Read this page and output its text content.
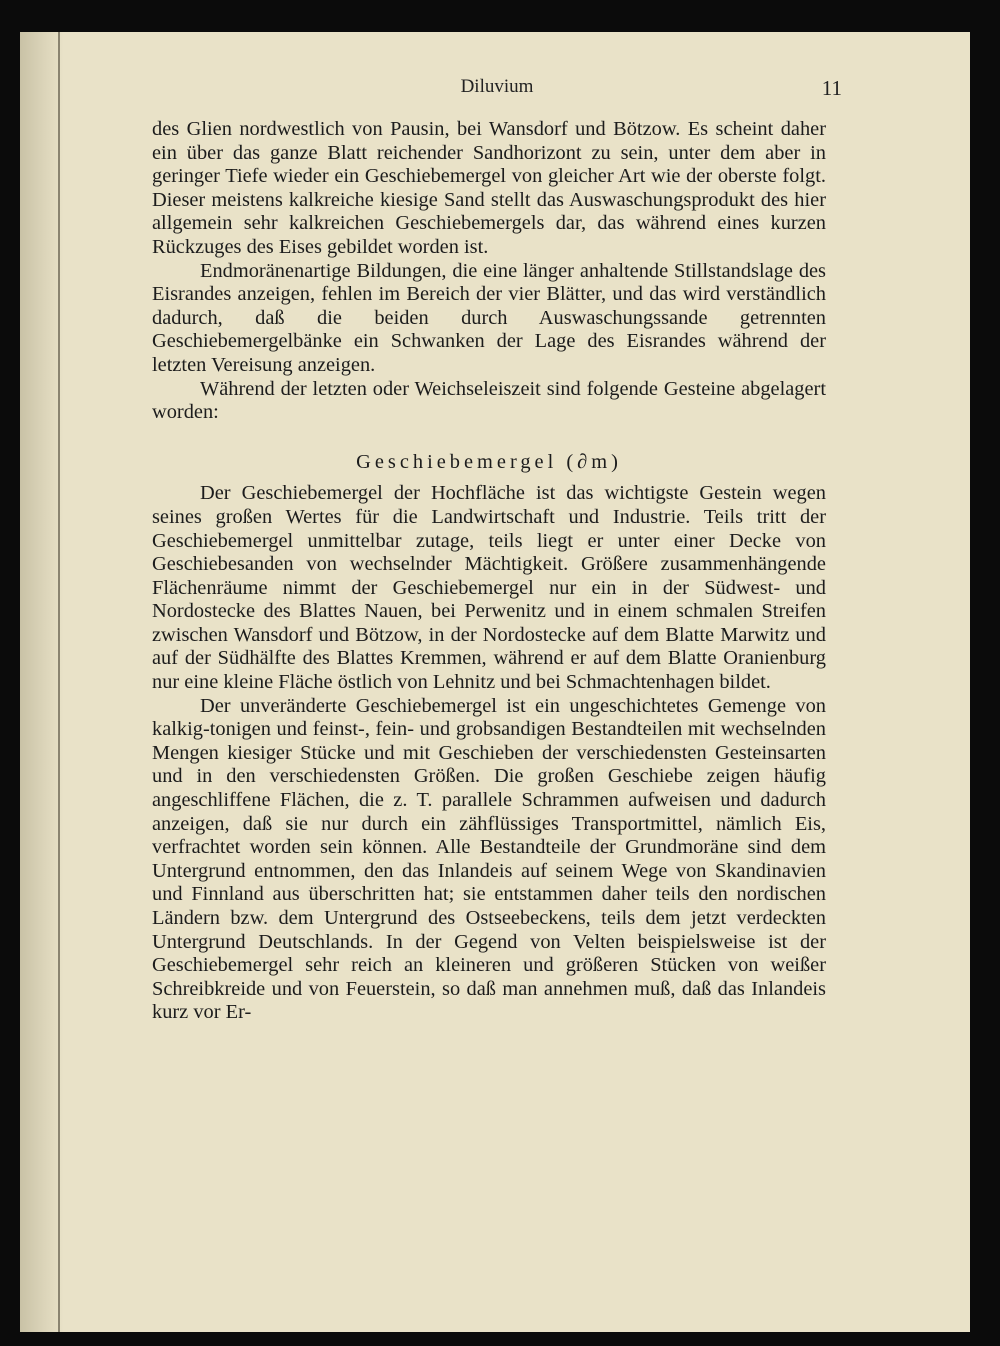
Diluvium	11

des Glien nordwestlich von Pausin, bei Wansdorf und Bötzow. Es scheint daher ein über das ganze Blatt reichender Sandhorizont zu sein, unter dem aber in geringer Tiefe wieder ein Geschiebemergel von gleicher Art wie der oberste folgt. Dieser meistens kalkreiche kiesige Sand stellt das Auswaschungsprodukt des hier allgemein sehr kalkreichen Geschiebemergels dar, das während eines kurzen Rückzuges des Eises gebildet worden ist.

Endmoränenartige Bildungen, die eine länger anhaltende Stillstandslage des Eisrandes anzeigen, fehlen im Bereich der vier Blätter, und das wird verständlich dadurch, daß die beiden durch Auswaschungssande getrennten Geschiebemergelbänke ein Schwanken der Lage des Eisrandes während der letzten Vereisung anzeigen.

Während der letzten oder Weichseleiszeit sind folgende Gesteine abgelagert worden:

Geschiebemergel (∂m)

Der Geschiebemergel der Hochfläche ist das wichtigste Gestein wegen seines großen Wertes für die Landwirtschaft und Industrie. Teils tritt der Geschiebemergel unmittelbar zutage, teils liegt er unter einer Decke von Geschiebesanden von wechselnder Mächtigkeit. Größere zusammenhängende Flächenräume nimmt der Geschiebemergel nur ein in der Südwest- und Nordostecke des Blattes Nauen, bei Perwenitz und in einem schmalen Streifen zwischen Wansdorf und Bötzow, in der Nordostecke auf dem Blatte Marwitz und auf der Südhälfte des Blattes Kremmen, während er auf dem Blatte Oranienburg nur eine kleine Fläche östlich von Lehnitz und bei Schmachtenhagen bildet.

Der unveränderte Geschiebemergel ist ein ungeschichtetes Gemenge von kalkig-tonigen und feinst-, fein- und grobsandigen Bestandteilen mit wechselnden Mengen kiesiger Stücke und mit Geschieben der verschiedensten Gesteinsarten und in den verschiedensten Größen. Die großen Geschiebe zeigen häufig angeschliffene Flächen, die z. T. parallele Schrammen aufweisen und dadurch anzeigen, daß sie nur durch ein zähflüssiges Transportmittel, nämlich Eis, verfrachtet worden sein können. Alle Bestandteile der Grundmoräne sind dem Untergrund entnommen, den das Inlandeis auf seinem Wege von Skandinavien und Finnland aus überschritten hat; sie entstammen daher teils den nordischen Ländern bzw. dem Untergrund des Ostseebeckens, teils dem jetzt verdeckten Untergrund Deutschlands. In der Gegend von Velten beispielsweise ist der Geschiebemergel sehr reich an kleineren und größeren Stücken von weißer Schreibkreide und von Feuerstein, so daß man annehmen muß, daß das Inlandeis kurz vor Er-
